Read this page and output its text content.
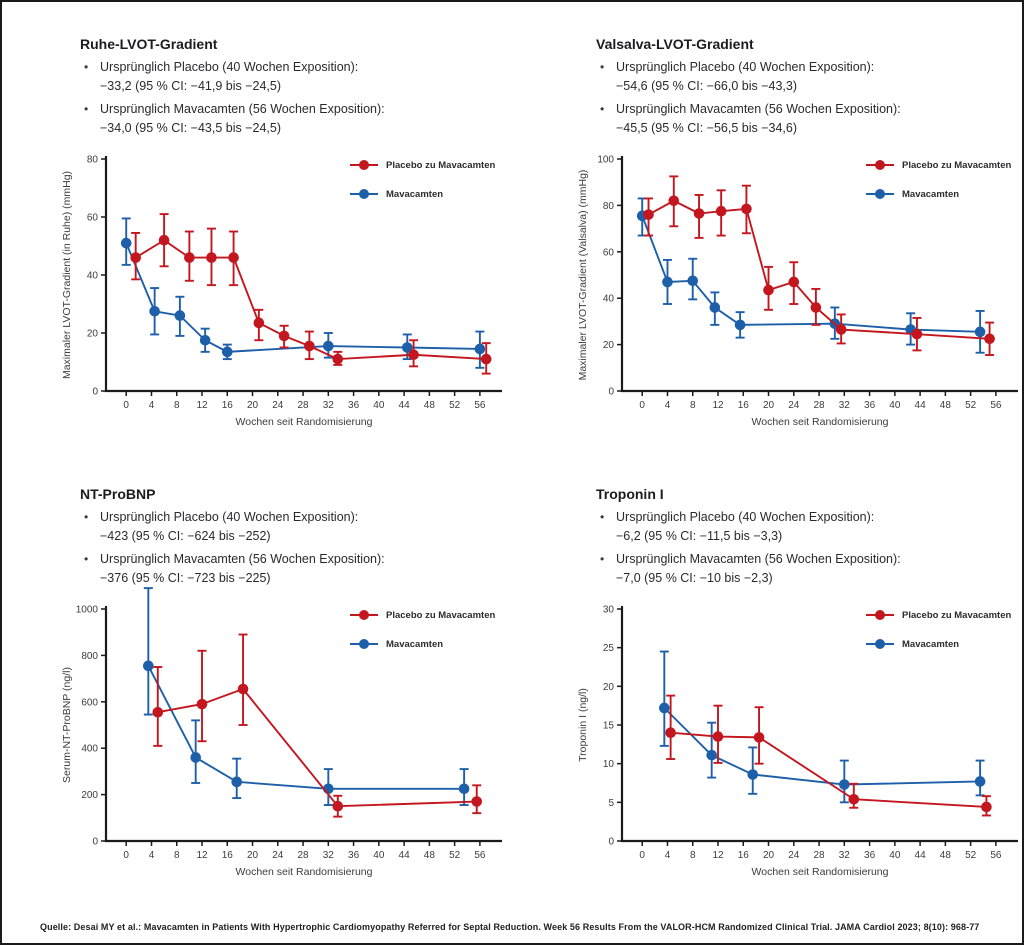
Ruhe-LVOT-Gradient
• Ursprünglich Placebo (40 Wochen Exposition):
−33,2 (95 % CI: −41,9 bis −24,5)
• Ursprünglich Mavacamten (56 Wochen Exposition):
−34,0 (95 % CI: −43,5 bis −24,5)
0
20
40
60
80
0 4 8 12 16 20 24 28 32 36 40 44 48 52 56
Wochen seit Randomisierung
Maximaler LVOT-Gradient (in Ruhe) (mmHg)
Placebo zu Mavacamten
Mavacamten
Valsalva-LVOT-Gradient
• Ursprünglich Placebo (40 Wochen Exposition):
−54,6 (95 % CI: −66,0 bis −43,3)
• Ursprünglich Mavacamten (56 Wochen Exposition):
−45,5 (95 % CI: −56,5 bis −34,6)
0
20
40
60
80
100
0 4 8 12 16 20 24 28 32 36 40 44 48 52 56
Wochen seit Randomisierung
Maximaler LVOT-Gradient (Valsalva) (mmHg)
Placebo zu Mavacamten
Mavacamten
NT-ProBNP
• Ursprünglich Placebo (40 Wochen Exposition):
−423 (95 % CI: −624 bis −252)
• Ursprünglich Mavacamten (56 Wochen Exposition):
−376 (95 % CI: −723 bis −225)
0
200
400
600
800
1000
0 4 8 12 16 20 24 28 32 36 40 44 48 52 56
Wochen seit Randomisierung
Serum-NT-ProBNP (ng/l)
Placebo zu Mavacamten
Mavacamten
Troponin I
• Ursprünglich Placebo (40 Wochen Exposition):
−6,2 (95 % CI: −11,5 bis −3,3)
• Ursprünglich Mavacamten (56 Wochen Exposition):
−7,0 (95 % CI: −10 bis −2,3)
0
5
10
15
20
25
30
0 4 8 12 16 20 24 28 32 36 40 44 48 52 56
Wochen seit Randomisierung
Troponin I (ng/l)
Placebo zu Mavacamten
Mavacamten
Quelle: Desai MY et al.: Mavacamten in Patients With Hypertrophic Cardiomyopathy Referred for Septal Reduction. Week 56 Results From the VALOR-HCM Randomized Clinical Trial. JAMA Cardiol 2023; 8(10): 968-77
